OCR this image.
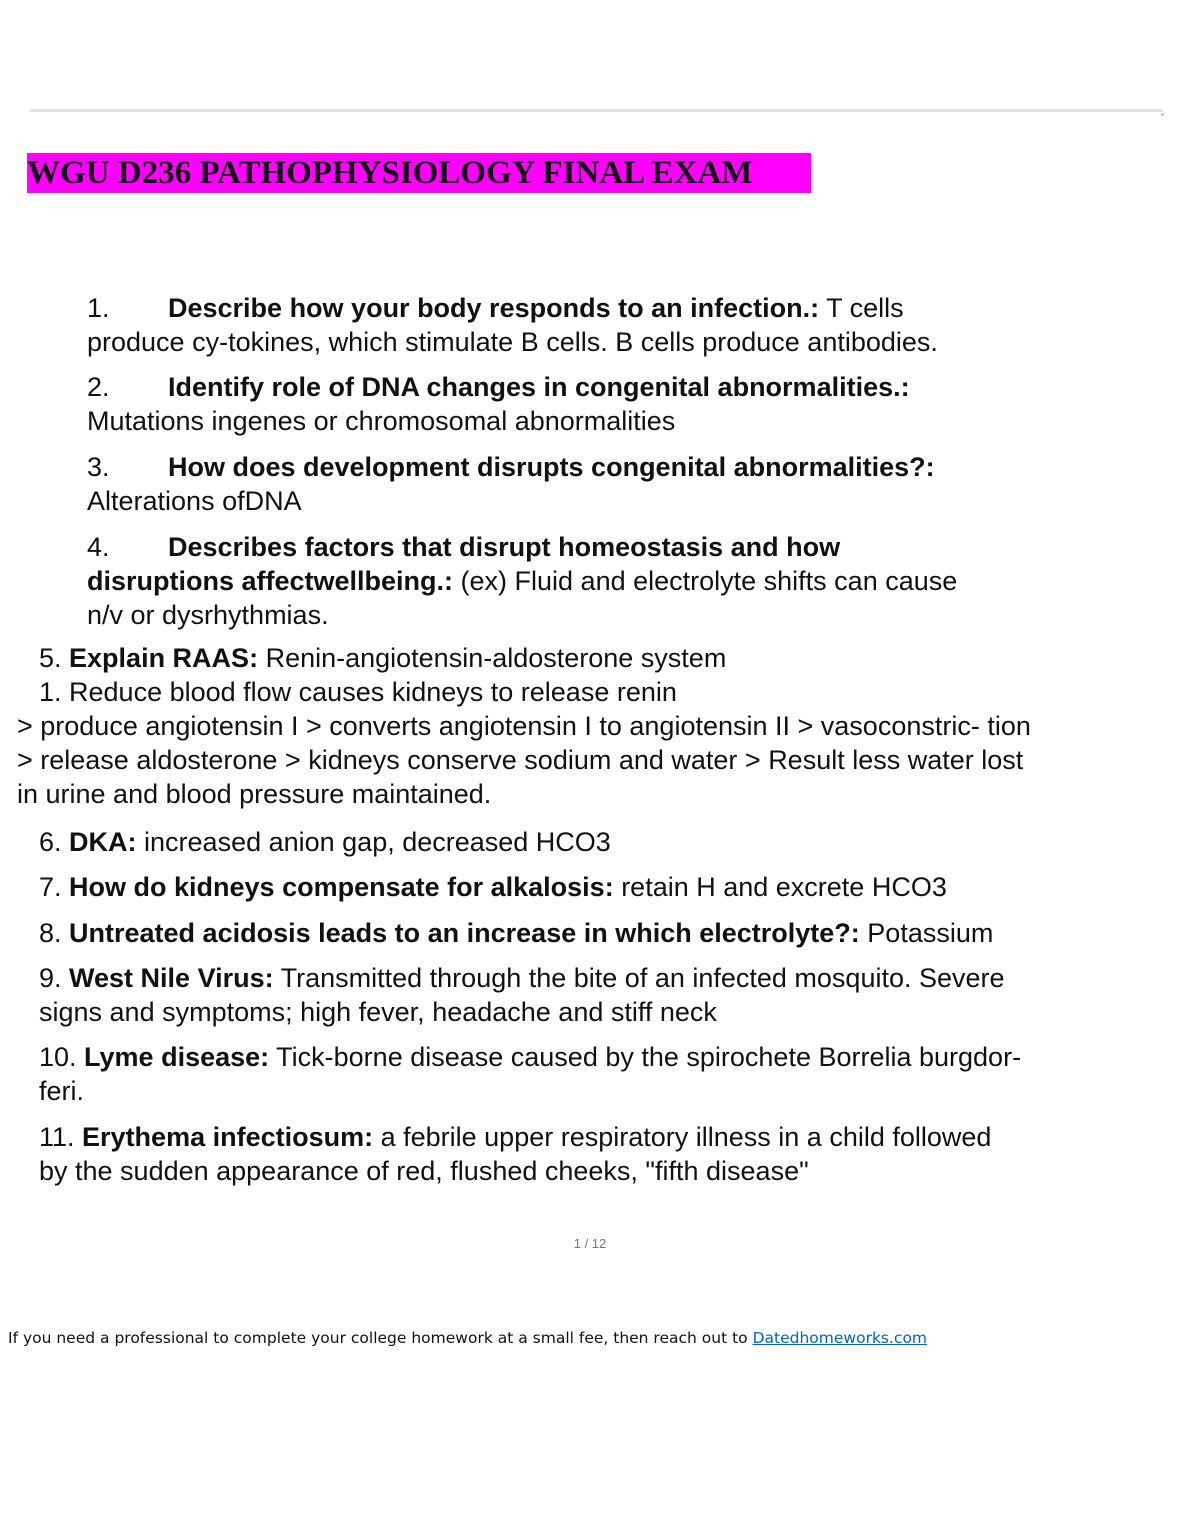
WGU D236 PATHOPHYSIOLOGY FINAL EXAM
1. Describe how your body responds to an infection.: T cells
produce cy-tokines, which stimulate B cells. B cells produce antibodies.
2. Identify role of DNA changes in congenital abnormalities.:
Mutations ingenes or chromosomal abnormalities
3. How does development disrupts congenital abnormalities?:
Alterations ofDNA
4. Describes factors that disrupt homeostasis and how
disruptions affectwellbeing.: (ex) Fluid and electrolyte shifts can cause
n/v or dysrhythmias.
5. Explain RAAS: Renin-angiotensin-aldosterone system
1. Reduce blood flow causes kidneys to release renin
> produce angiotensin I > converts angiotensin I to angiotensin II > vasoconstric- tion
> release aldosterone > kidneys conserve sodium and water > Result less water lost
in urine and blood pressure maintained.
6. DKA: increased anion gap, decreased HCO3
7. How do kidneys compensate for alkalosis: retain H and excrete HCO3
8. Untreated acidosis leads to an increase in which electrolyte?: Potassium
9. West Nile Virus: Transmitted through the bite of an infected mosquito. Severe
signs and symptoms; high fever, headache and stiff neck
10. Lyme disease: Tick-borne disease caused by the spirochete Borrelia burgdor-
feri.
11. Erythema infectiosum: a febrile upper respiratory illness in a child followed
by the sudden appearance of red, flushed cheeks, "fifth disease"
1 / 12
If you need a professional to complete your college homework at a small fee, then reach out to Datedhomeworks.com
